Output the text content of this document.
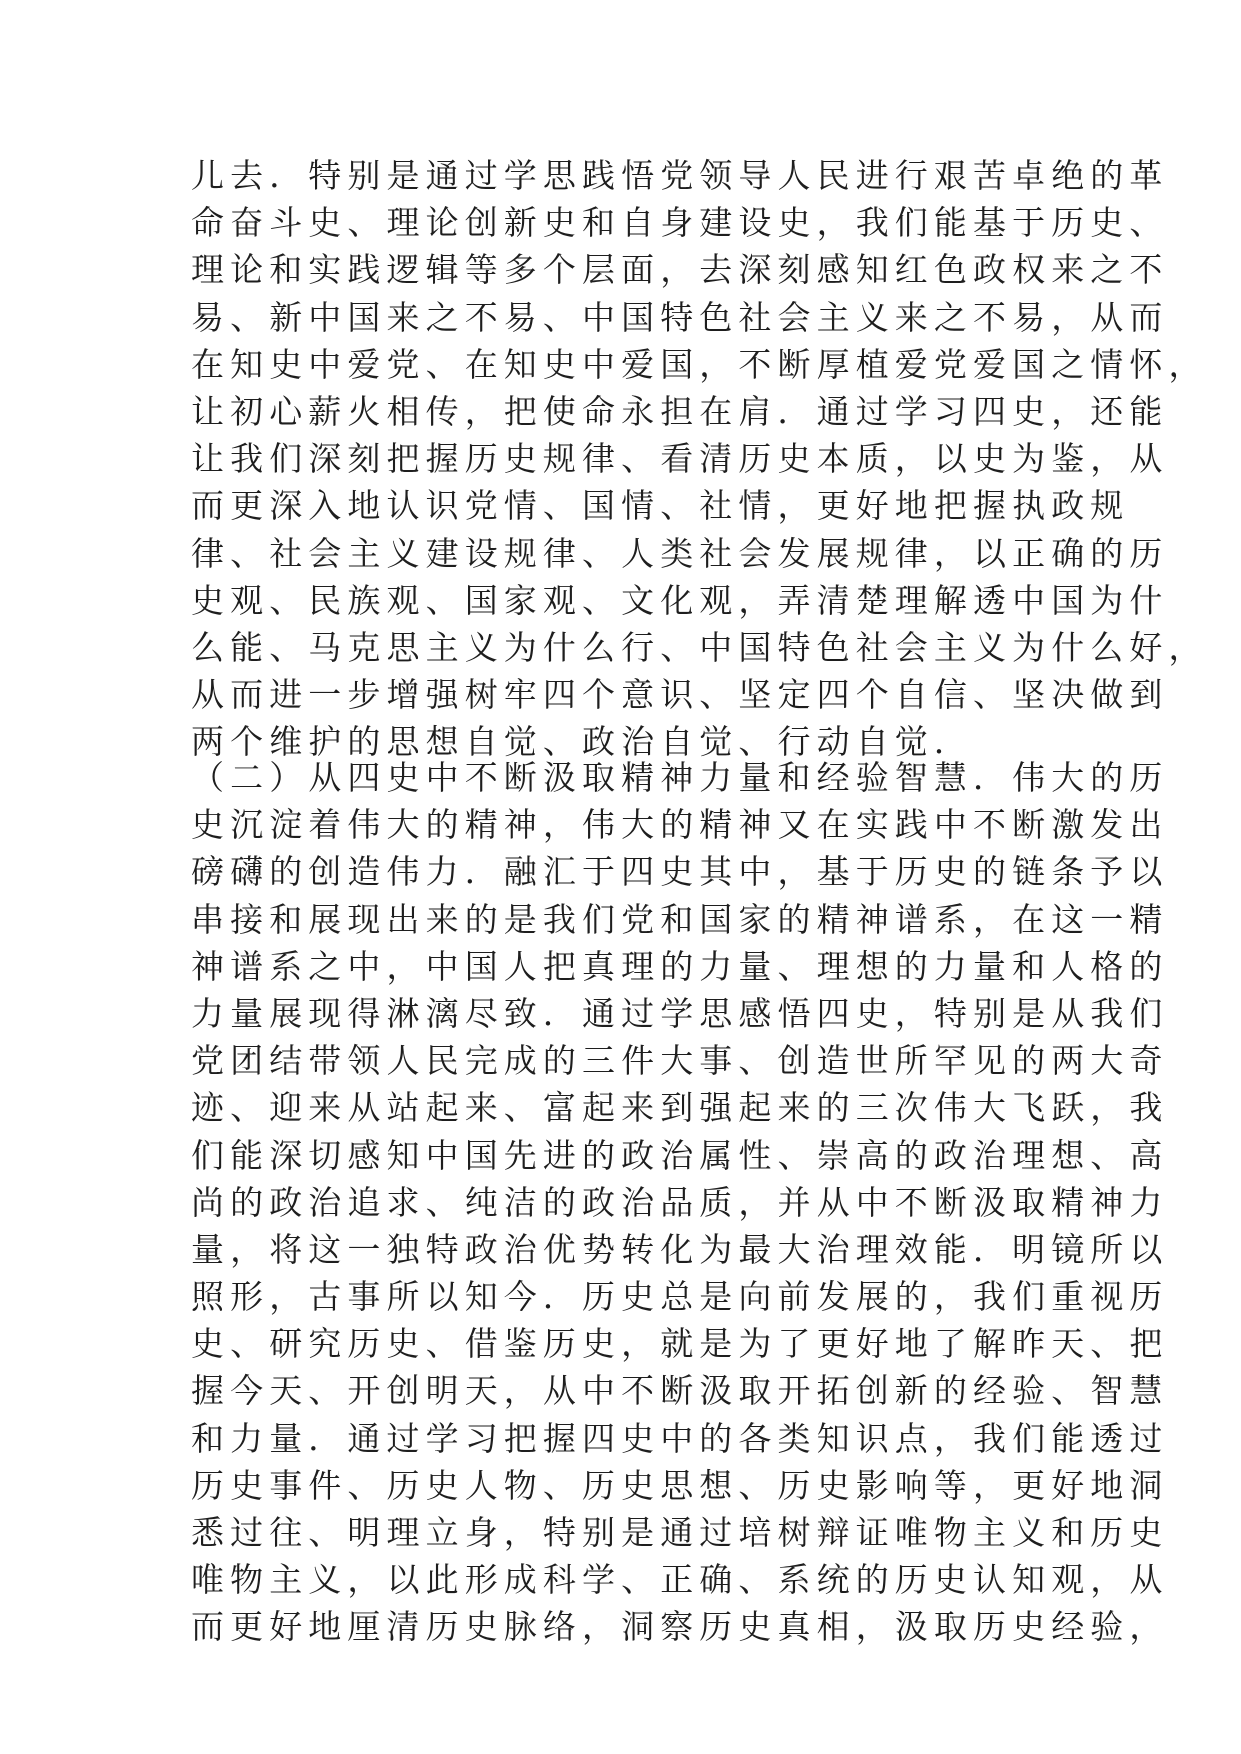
儿去．特别是通过学思践悟党领导人民进行艰苦卓绝的革
命奋斗史、理论创新史和自身建设史，我们能基于历史、
理论和实践逻辑等多个层面，去深刻感知红色政权来之不
易、新中国来之不易、中国特色社会主义来之不易，从而
在知史中爱党、在知史中爱国，不断厚植爱党爱国之情怀，
让初心薪火相传，把使命永担在肩．通过学习四史，还能
让我们深刻把握历史规律、看清历史本质，以史为鉴，从
而更深入地认识党情、国情、社情，更好地把握执政规
律、社会主义建设规律、人类社会发展规律，以正确的历
史观、民族观、国家观、文化观，弄清楚理解透中国为什
么能、马克思主义为什么行、中国特色社会主义为什么好，
从而进一步增强树牢四个意识、坚定四个自信、坚决做到
两个维护的思想自觉、政治自觉、行动自觉．
（二）从四史中不断汲取精神力量和经验智慧．伟大的历
史沉淀着伟大的精神，伟大的精神又在实践中不断激发出
磅礴的创造伟力．融汇于四史其中，基于历史的链条予以
串接和展现出来的是我们党和国家的精神谱系，在这一精
神谱系之中，中国人把真理的力量、理想的力量和人格的
力量展现得淋漓尽致．通过学思感悟四史，特别是从我们
党团结带领人民完成的三件大事、创造世所罕见的两大奇
迹、迎来从站起来、富起来到强起来的三次伟大飞跃，我
们能深切感知中国先进的政治属性、崇高的政治理想、高
尚的政治追求、纯洁的政治品质，并从中不断汲取精神力
量，将这一独特政治优势转化为最大治理效能．明镜所以
照形，古事所以知今．历史总是向前发展的，我们重视历
史、研究历史、借鉴历史，就是为了更好地了解昨天、把
握今天、开创明天，从中不断汲取开拓创新的经验、智慧
和力量．通过学习把握四史中的各类知识点，我们能透过
历史事件、历史人物、历史思想、历史影响等，更好地洞
悉过往、明理立身，特别是通过培树辩证唯物主义和历史
唯物主义，以此形成科学、正确、系统的历史认知观，从
而更好地厘清历史脉络，洞察历史真相，汲取历史经验，
